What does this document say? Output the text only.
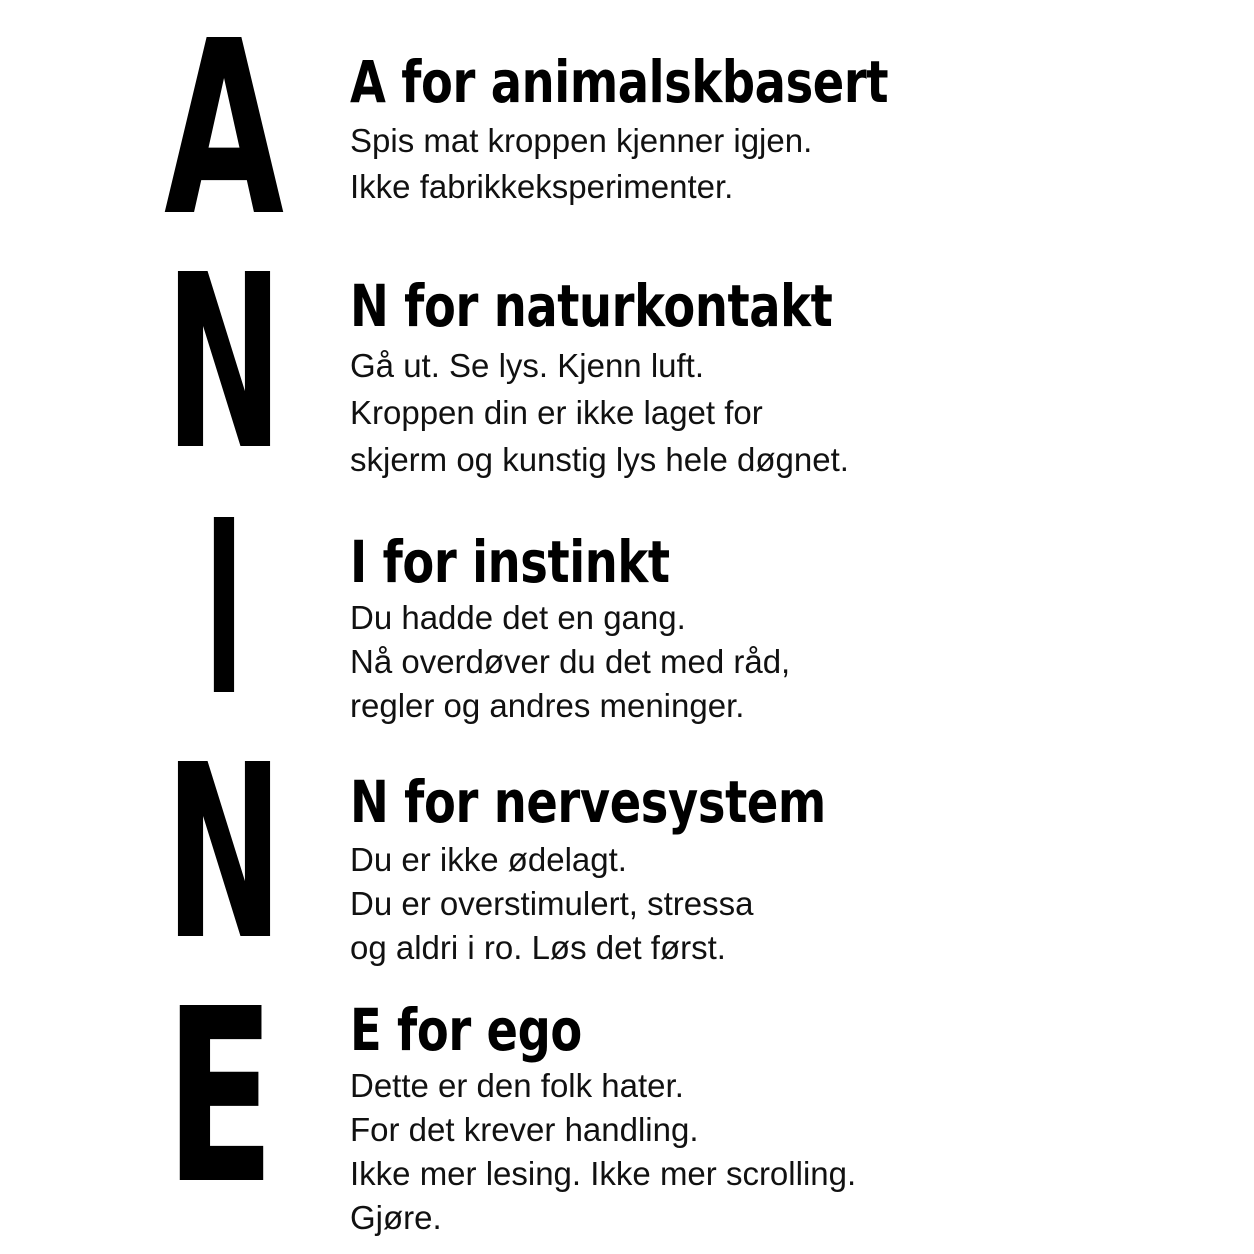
A
N
I
N
E
A for animalskbasert
Spis mat kroppen kjenner igjen.
Ikke fabrikkeksperimenter.
N for naturkontakt
Gå ut. Se lys. Kjenn luft.
Kroppen din er ikke laget for
skjerm og kunstig lys hele døgnet.
I for instinkt
Du hadde det en gang.
Nå overdøver du det med råd,
regler og andres meninger.
N for nervesystem
Du er ikke ødelagt.
Du er overstimulert, stressa
og aldri i ro. Løs det først.
E for ego
Dette er den folk hater.
For det krever handling.
Ikke mer lesing. Ikke mer scrolling.
Gjøre.
